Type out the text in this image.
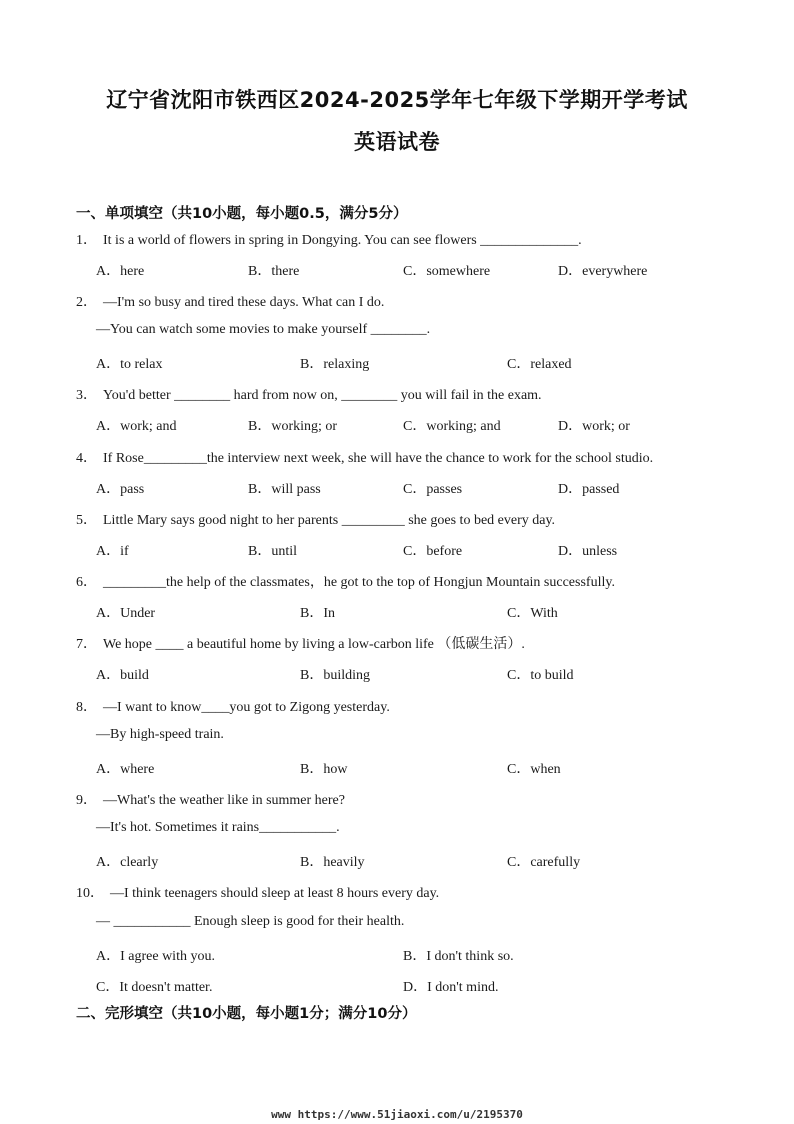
辽宁省沈阳市铁西区2024-2025学年七年级下学期开学考试
英语试卷
一、单项填空（共10小题，每小题0.5，满分5分）
1． It is a world of flowers in spring in Dongying. You can see flowers ______________.
A．here	B．there	C．somewhere	D．everywhere
2． —I'm so busy and tired these days. What can I do.
—You can watch some movies to make yourself ________.
A．to relax	B．relaxing	C．relaxed
3． You'd better ________ hard from now on, ________ you will fail in the exam.
A．work; and	B．working; or	C．working; and	D．work; or
4． If Rose_________the interview next week, she will have the chance to work for the school studio.
A．pass	B．will pass	C．passes	D．passed
5． Little Mary says good night to her parents _________ she goes to bed every day.
A．if	B．until	C．before	D．unless
6． _________the help of the classmates，he got to the top of Hongjun Mountain successfully.
A．Under	B．In	C．With
7． We hope ____ a beautiful home by living a low-carbon life （低碳生活）.
A．build	B．building	C．to build
8． —I want to know____you got to Zigong yesterday.
—By high-speed train.
A．where	B．how	C．when
9． —What's the weather like in summer here?
—It's hot. Sometimes it rains___________.
A．clearly	B．heavily	C．carefully
10． —I think teenagers should sleep at least 8 hours every day.
— ___________ Enough sleep is good for their health.
A．I agree with you.	B．I don't think so.
C．It doesn't matter.	D．I don't mind.
二、完形填空（共10小题，每小题1分；满分10分）
www https://www.51jiaoxi.com/u/2195370
